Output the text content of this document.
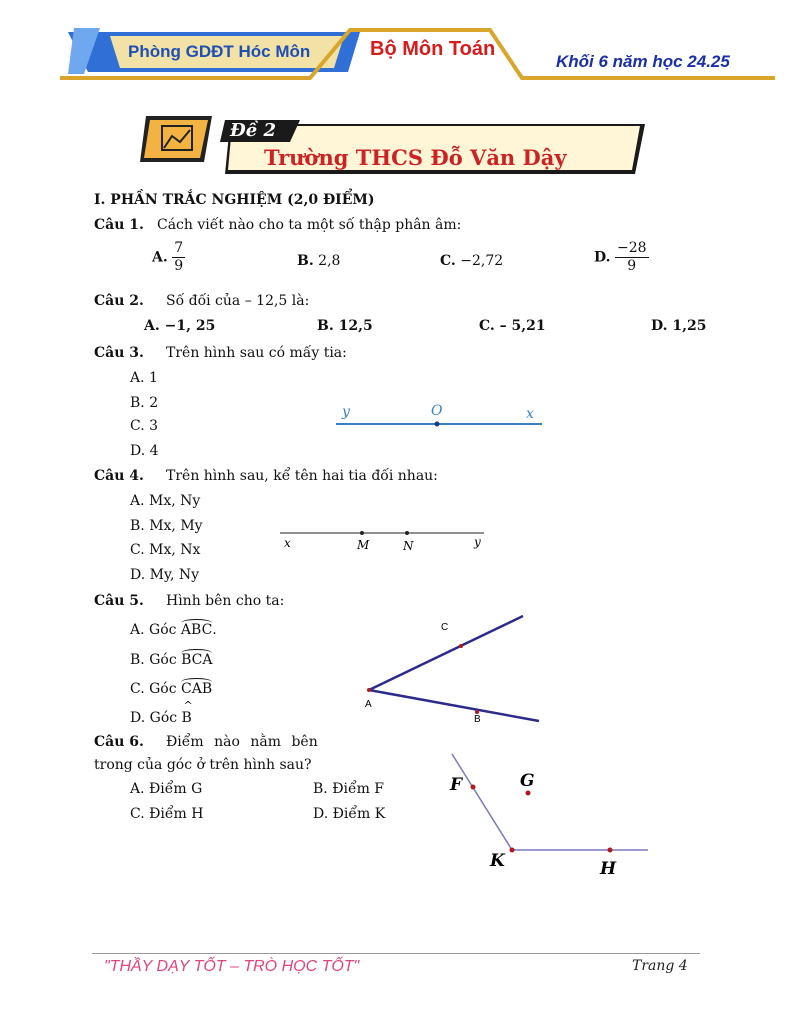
Phòng GDĐT Hóc Môn	Bộ Môn Toán
Khối 6 năm học 24.25
Đề 2
Trường THCS Đỗ Văn Dậy
I. PHẦN TRẮC NGHIỆM (2,0 ĐIỂM)
Câu 1. Cách viết nào cho ta một số thập phân âm:
A. $\frac{7}{9}$	B. 2,8	C. −2,72	D. $\frac{-28}{9}$
Câu 2. Số đối của – 12,5 là:
A. −1, 25	B. 12,5	C. – 5,21	D. 1,25
Câu 3. Trên hình sau có mấy tia:
A. 1
B. 2
C. 3
D. 4
y	O	x
Câu 4. Trên hình sau, kể tên hai tia đối nhau:
A. Mx, Ny
B. Mx, My
C. Mx, Nx
D. My, Ny
x	M	N	y
Câu 5. Hình bên cho ta:
A. Góc ABC.
B. Góc BCA
C. Góc CAB
D. Góc ^ B
C
A
B
Câu 6. Điểm nào nằm bên
trong của góc ở trên hình sau?
A. Điểm G	B. Điểm F
C. Điểm H	D. Điểm K
F	G
K	H
"THẦY DẠY TỐT – TRÒ HỌC TỐT"	Trang 4
